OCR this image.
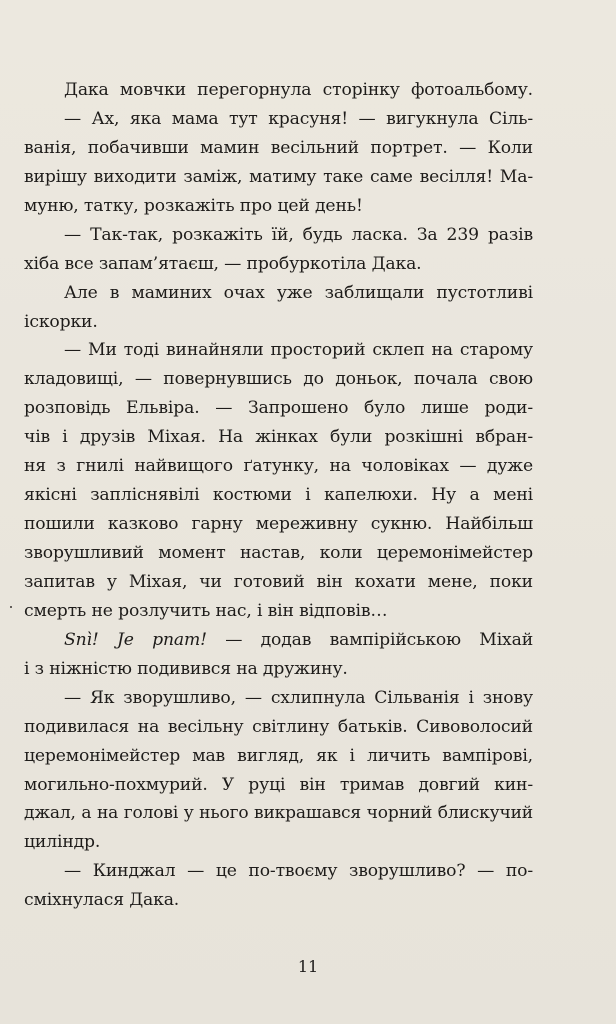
Дака мовчки перегорнула сторінку фотоальбому.
— Ах, яка мама тут красуня! — вигукнула Сіль-
ванія, побачивши мамин весільний портрет. — Коли
вирішу виходити заміж, матиму таке саме весілля! Ма-
муню, татку, розкажіть про цей день!
— Так-так, розкажіть їй, будь ласка. За 239 разів
хіба все запам’ятаєш, — пробуркотіла Дака.
Але в маминих очах уже заблищали пустотливі
іскорки.
— Ми тоді винайняли просторий склеп на старому
кладовищі, — повернувшись до доньок, почала свою
розповідь Ельвіра. — Запрошено було лише роди-
чів і друзів Міхая. На жінках були розкішні вбран-
ня з гнилі найвищого ґатунку, на чоловіках — дуже
якісні запліснявілі костюми і капелюхи. Ну а мені
пошили казково гарну мереживну сукню. Найбільш
зворушливий момент настав, коли церемонімейстер
запитав у Міхая, чи готовий він кохати мене, поки
смерть не розлучить нас, і він відповів…
Snì! Je pnam! — додав вампірійською Міхай
і з ніжністю подивився на дружину.
— Як зворушливо, — схлипнула Сільванія і знову
подивилася на весільну світлину батьків. Сивоволосий
церемонімейстер мав вигляд, як і личить вампірові,
могильно-похмурий. У руці він тримав довгий кин-
джал, а на голові у нього викрашався чорний блискучий
циліндр.
— Кинджал — це по-твоєму зворушливо? — по-
сміхнулася Дака.
11
